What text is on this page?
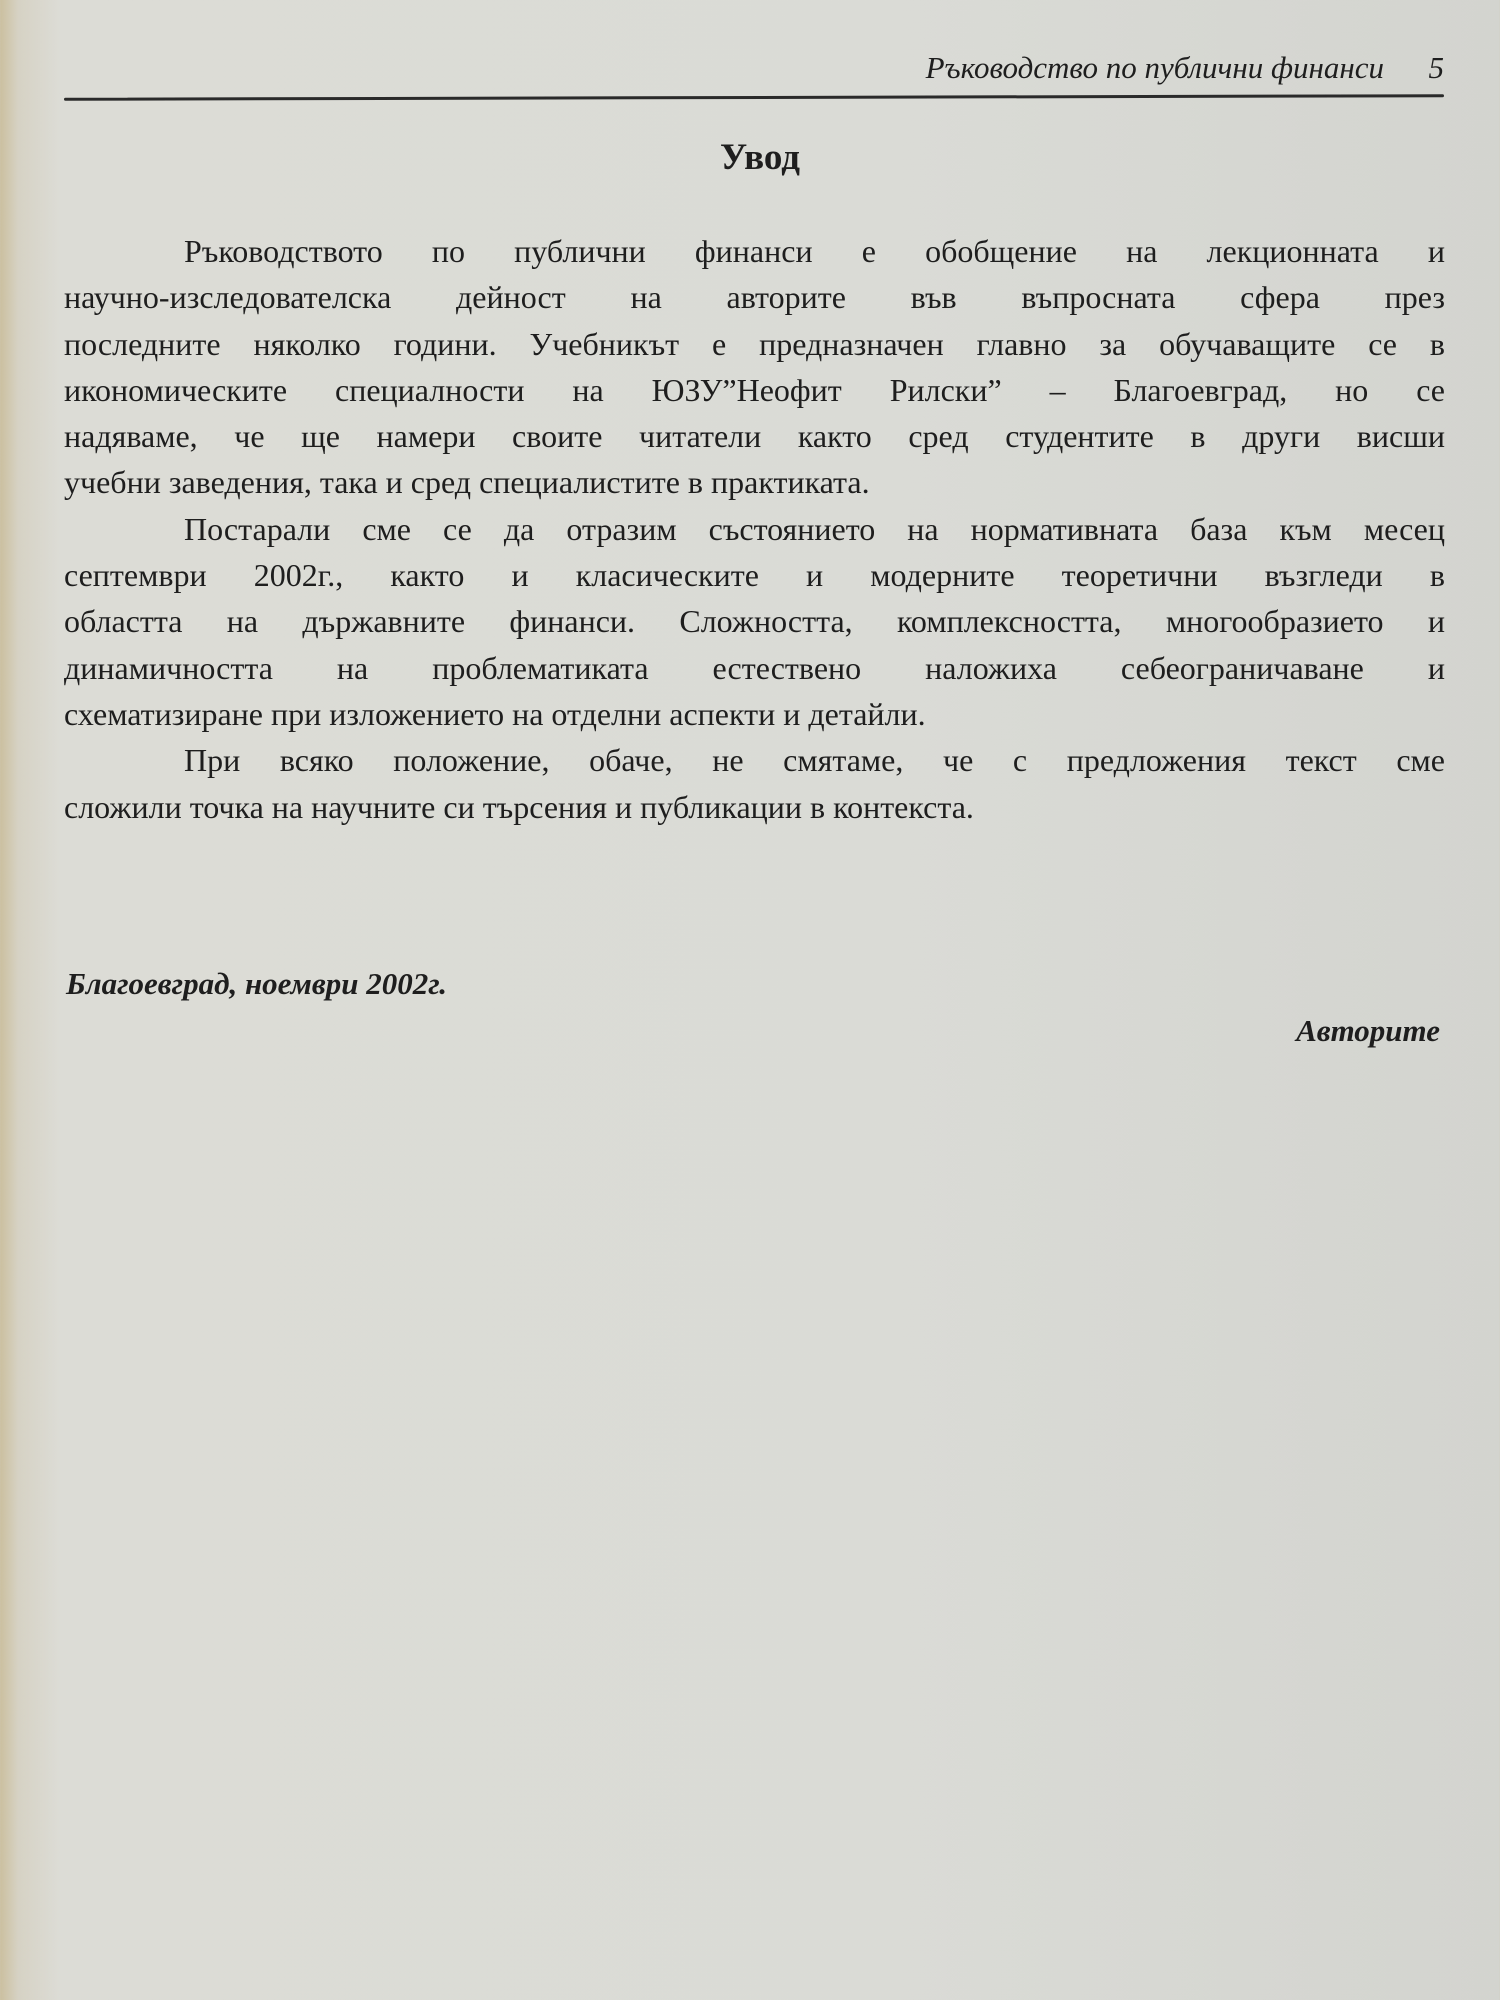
Ръководство по публични финанси 5
Увод
Ръководството по публични финанси е обобщение на лекционната и
научно-изследователска дейност на авторите във въпросната сфера през
последните няколко години. Учебникът е предназначен главно за обучаващите се в
икономическите специалности на ЮЗУ”Неофит Рилски” – Благоевград, но се
надяваме, че ще намери своите читатели както сред студентите в други висши
учебни заведения, така и сред специалистите в практиката.
Постарали сме се да отразим състоянието на нормативната база към месец
септември 2002г., както и класическите и модерните теоретични възгледи в
областта на държавните финанси. Сложността, комплексността, многообразието и
динамичността на проблематиката естествено наложиха себеограничаване и
схематизиране при изложението на отделни аспекти и детайли.
При всяко положение, обаче, не смятаме, че с предложения текст сме
сложили точка на научните си търсения и публикации в контекста.
Благоевград, ноември 2002г.
Авторите
